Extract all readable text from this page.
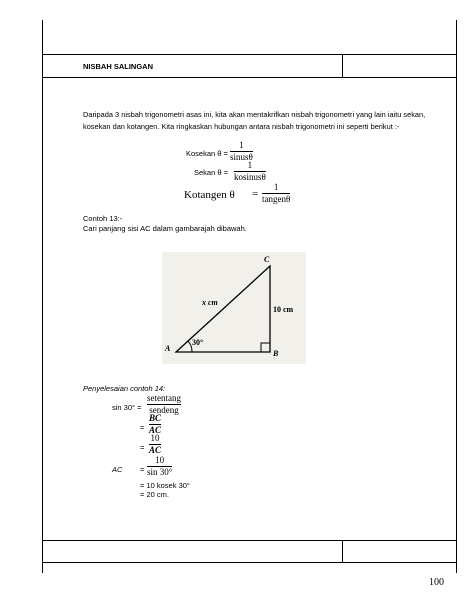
NISBAH SALINGAN
Daripada 3 nisbah trigonometri asas ini, kita akan mentakrifkan nisbah trigonometri yang lain iaitu sekan,
kosekan dan kotangen. Kita ringkaskan hubungan antara nisbah trigonometri ini seperti berikut :-
Kosekan θ =
1
sinusθ
Sekan θ =
1
kosinusθ
Kotangen θ =
1
tangenθ
Contoh 13:-
Cari panjang sisi AC dalam gambarajah dibawah.
A
B
C
x cm
10 cm
30°
Penyelesaian contoh 14:
sin 30° =
setentang
sendeng
=
BC
AC
=
10
AC
AC =
10
sin 30°
= 10 kosek 30°
= 20 cm.
100
